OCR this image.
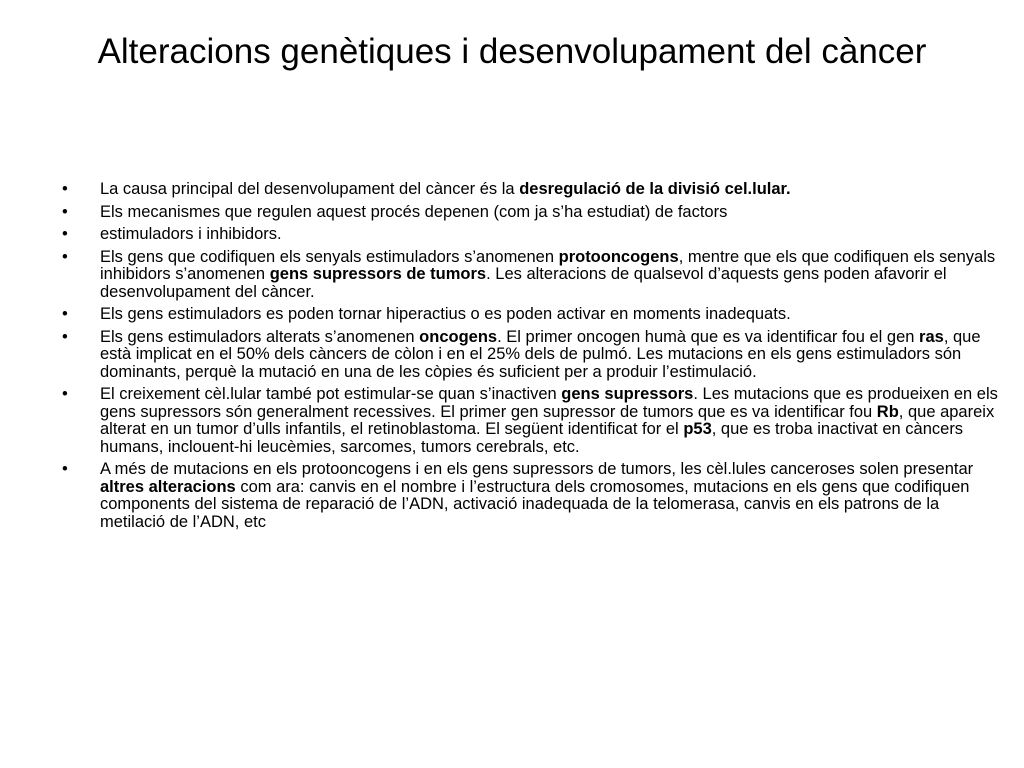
Alteracions genètiques i desenvolupament del càncer
•	La causa principal del desenvolupament del càncer és la desregulació de la divisió cel.lular.
•	Els mecanismes que regulen aquest procés depenen (com ja s’ha estudiat) de factors
•	estimuladors i inhibidors.
•	Els gens que codifiquen els senyals estimuladors s’anomenen protooncogens, mentre que els que codifiquen els senyals inhibidors s’anomenen gens supressors de tumors. Les alteracions de qualsevol d’aquests gens poden afavorir el desenvolupament del càncer.
•	Els gens estimuladors es poden tornar hiperactius o es poden activar en moments inadequats.
•	Els gens estimuladors alterats s’anomenen oncogens. El primer oncogen humà que es va identificar fou el gen ras, que està implicat en el 50% dels càncers de còlon i en el 25% dels de pulmó. Les mutacions en els gens estimuladors són dominants, perquè la mutació en una de les còpies és suficient per a produir l’estimulació.
•	El creixement cèl.lular també pot estimular-se quan s’inactiven gens supressors. Les mutacions que es produeixen en els gens supressors són generalment recessives. El primer gen supressor de tumors que es va identificar fou Rb, que apareix alterat en un tumor d’ulls infantils, el retinoblastoma. El següent identificat for el p53, que es troba inactivat en càncers humans, inclouent-hi leucèmies, sarcomes, tumors cerebrals, etc.
•	A més de mutacions en els protooncogens i en els gens supressors de tumors, les cèl.lules canceroses solen presentar altres alteracions com ara: canvis en el nombre i l’estructura dels cromosomes, mutacions en els gens que codifiquen components del sistema de reparació de l’ADN, activació inadequada de la telomerasa, canvis en els patrons de la metilació de l’ADN, etc
